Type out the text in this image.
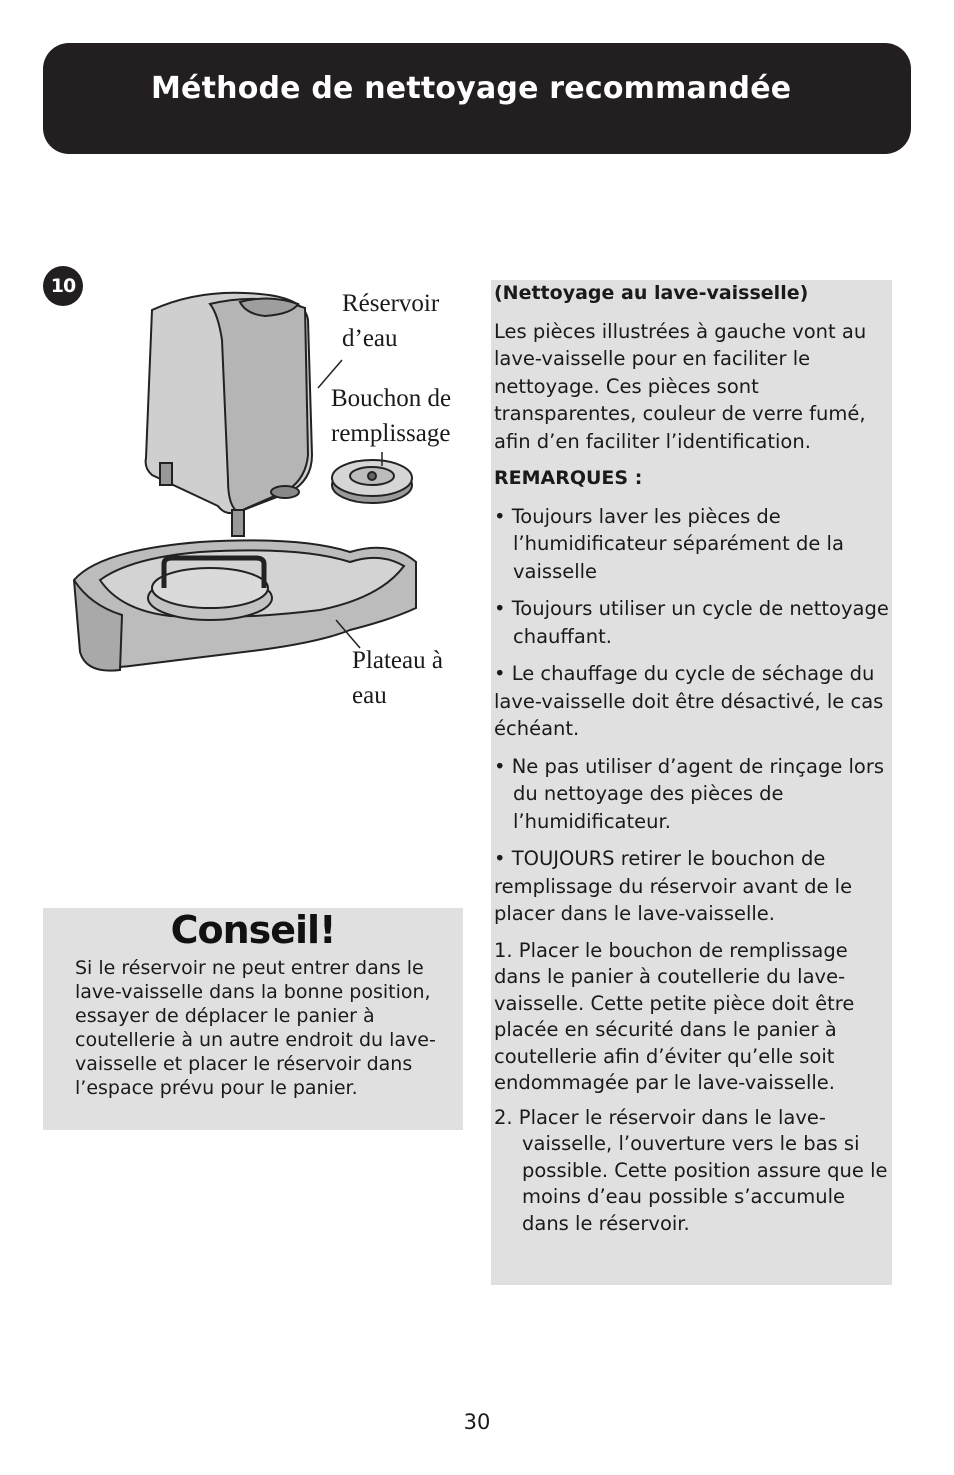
Méthode de nettoyage recommandée
10
Réservoir
d’eau
Bouchon de
remplissage
Plateau à
eau
(Nettoyage au lave-vaisselle)

Les pièces illustrées à gauche vont au lave-vaisselle pour en faciliter le nettoyage. Ces pièces sont transparentes, couleur de verre fumé, afin d’en faciliter l’identification.

REMARQUES :
• Toujours laver les pièces de l’humidificateur séparément de la vaisselle
• Toujours utiliser un cycle de nettoyage chauffant.
• Le chauffage du cycle de séchage du lave-vaisselle doit être désactivé, le cas échéant.
• Ne pas utiliser d’agent de rinçage lors du nettoyage des pièces de l’humidificateur.
• TOUJOURS retirer le bouchon de remplissage du réservoir avant de le placer dans le lave-vaisselle.
1. Placer le bouchon de remplissage dans le panier à coutellerie du lave-vaisselle. Cette petite pièce doit être placée en sécurité dans le panier à coutellerie afin d’éviter qu’elle soit endommagée par le lave-vaisselle.
2. Placer le réservoir dans le lave-vaisselle, l’ouverture vers le bas si possible. Cette position assure que le moins d’eau possible s’accumule dans le réservoir.
Conseil!
Si le réservoir ne peut entrer dans le lave-vaisselle dans la bonne position, essayer de déplacer le panier à coutellerie à un autre endroit du lave-vaisselle et placer le réservoir dans l’espace prévu pour le panier.
30
